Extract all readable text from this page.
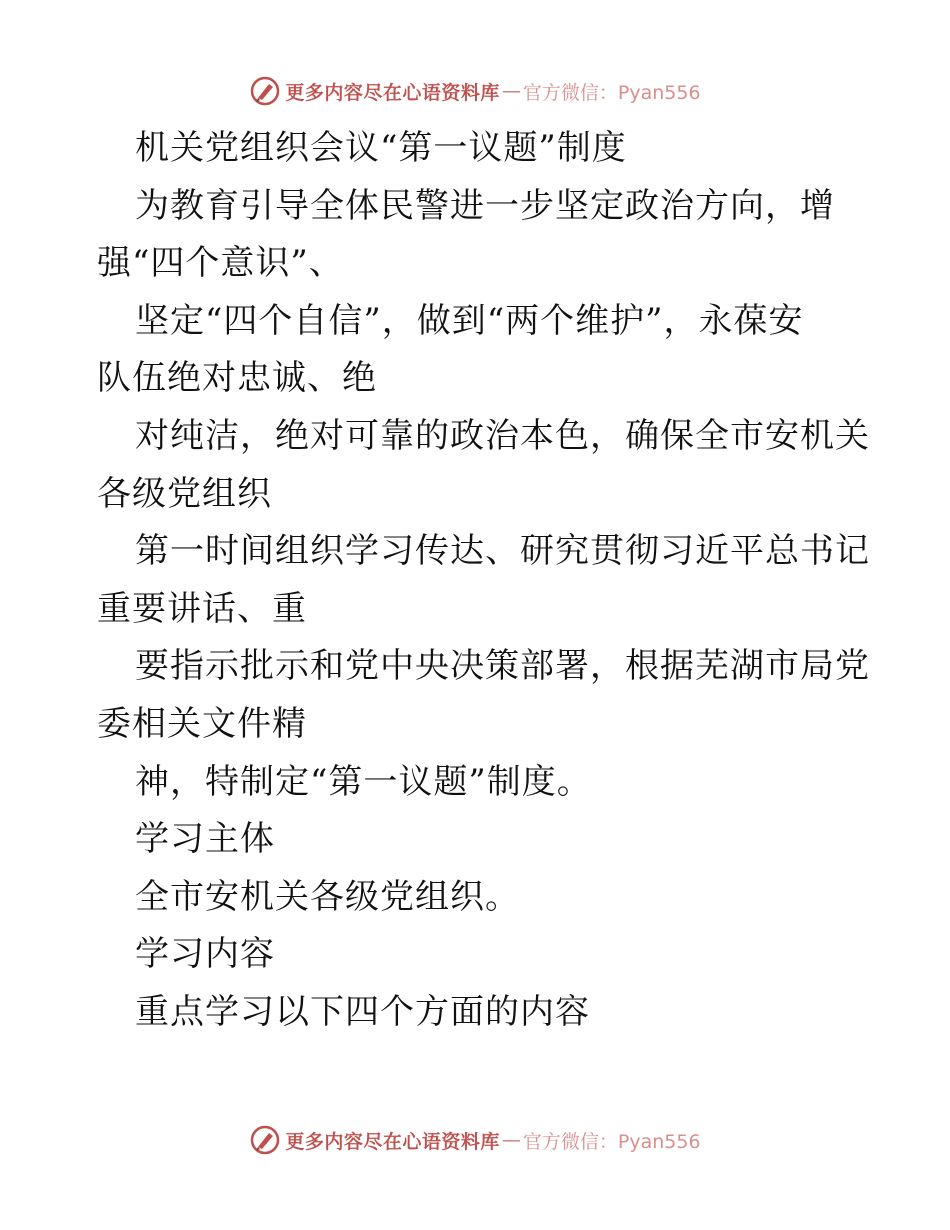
更多内容尽在心语资料库 — 官方微信：Pyan556
机关党组织会议“第一议题”制度
为教育引导全体民警进一步坚定政治方向，增
强“四个意识”、
坚定“四个自信”，做到“两个维护”，永葆安
队伍绝对忠诚、绝
对纯洁，绝对可靠的政治本色，确保全市安机关
各级党组织
第一时间组织学习传达、研究贯彻习近平总书记
重要讲话、重
要指示批示和党中央决策部署，根据芜湖市局党
委相关文件精
神，特制定“第一议题”制度。
学习主体
全市安机关各级党组织。
学习内容
重点学习以下四个方面的内容
更多内容尽在心语资料库 — 官方微信：Pyan556
